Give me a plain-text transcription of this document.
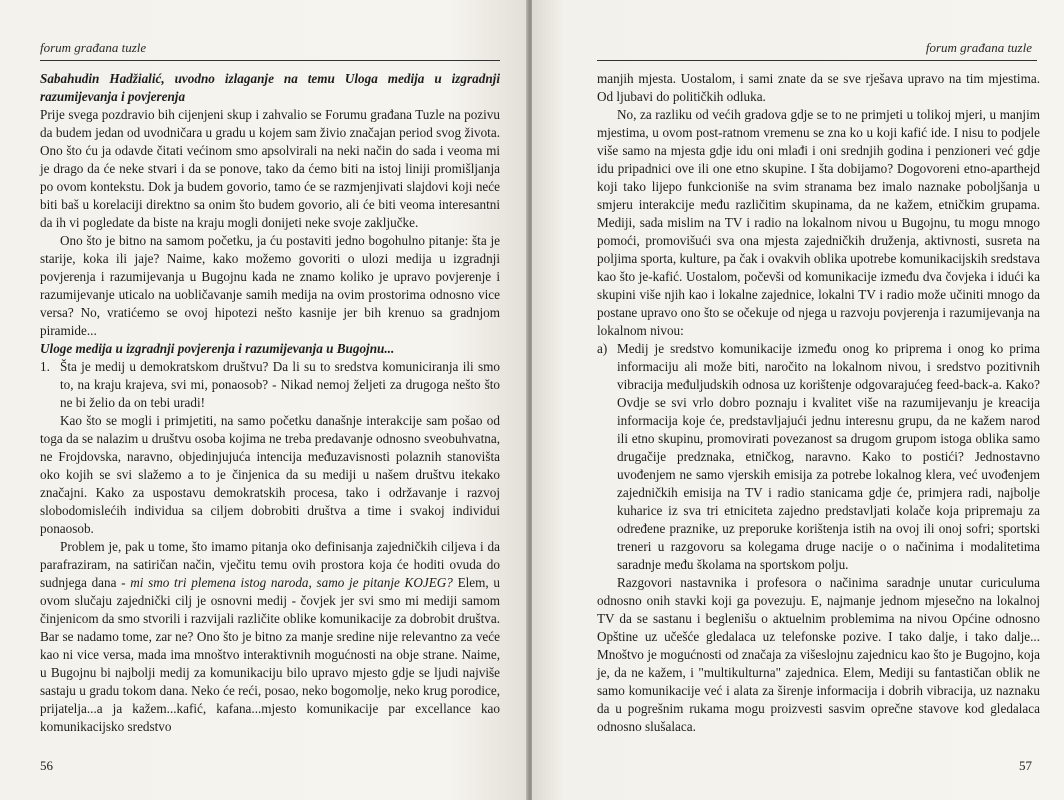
forum građana tuzle

Sabahudin Hadžialić, uvodno izlaganje na temu Uloga medija u izgradnji razumijevanja i povjerenja

Prije svega pozdravio bih cijenjeni skup i zahvalio se Forumu građana Tuzle na pozivu da budem jedan od uvodničara u gradu u kojem sam živio značajan period svog života. Ono što ću ja odavde čitati većinom smo apsolvirali na neki način do sada i veoma mi je drago da će neke stvari i da se ponove, tako da ćemo biti na istoj liniji promišljanja po ovom kontekstu. Dok ja budem govorio, tamo će se razmjenjivati slajdovi koji neće biti baš u korelaciji direktno sa onim što budem govorio, ali će biti veoma interesantni da ih vi pogledate da biste na kraju mogli donijeti neke svoje zaključke.

Ono što je bitno na samom početku, ja ću postaviti jedno bogohulno pitanje: šta je starije, koka ili jaje? Naime, kako možemo govoriti o ulozi medija u izgradnji povjerenja i razumijevanja u Bugojnu kada ne znamo koliko je upravo povjerenje i razumijevanje uticalo na uobličavanje samih medija na ovim prostorima odnosno vice versa? No, vratićemo se ovoj hipotezi nešto kasnije jer bih krenuo sa gradnjom piramide...

Uloge medija u izgradnji povjerenja i razumijevanja u Bugojnu...

1. Šta je medij u demokratskom društvu? Da li su to sredstva komuniciranja ili smo to, na kraju krajeva, svi mi, ponaosob? - Nikad nemoj željeti za drugoga nešto što ne bi želio da on tebi uradi!

Kao što se mogli i primjetiti, na samo početku današnje interakcije sam pošao od toga da se nalazim u društvu osoba kojima ne treba predavanje odnosno sveobuhvatna, ne Frojdovska, naravno, objedinjujuća intencija međuzavisnosti polaznih stanovišta oko kojih se svi slažemo a to je činjenica da su mediji u našem društvu itekako značajni. Kako za uspostavu demokratskih procesa, tako i održavanje i razvoj slobodomislećih individua sa ciljem dobrobiti društva a time i svakoj individui ponaosob.

Problem je, pak u tome, što imamo pitanja oko definisanja zajedničkih ciljeva i da parafraziram, na satiričan način, vječitu temu ovih prostora koja će hoditi ovuda do sudnjega dana - mi smo tri plemena istog naroda, samo je pitanje KOJEG? Elem, u ovom slučaju zajednički cilj je osnovni medij - čovjek jer svi smo mi mediji samom činjenicom da smo stvorili i razvijali različite oblike komunikacije za dobrobit društva. Bar se nadamo tome, zar ne? Ono što je bitno za manje sredine nije relevantno za veće kao ni vice versa, mada ima mnoštvo interaktivnih mogućnosti na obje strane. Naime, u Bugojnu bi najbolji medij za komunikaciju bilo upravo mjesto gdje se ljudi najviše sastaju u gradu tokom dana. Neko će reći, posao, neko bogomolje, neko krug porodice, prijatelja...a ja kažem...kafić, kafana...mjesto komunikacije par excellance kao komunikacijsko sredstvo

56
forum građana tuzle

manjih mjesta. Uostalom, i sami znate da se sve rješava upravo na tim mjestima. Od ljubavi do političkih odluka.

No, za razliku od većih gradova gdje se to ne primjeti u tolikoj mjeri, u manjim mjestima, u ovom post-ratnom vremenu se zna ko u koji kafić ide. I nisu to podjele više samo na mjesta gdje idu oni mlađi i oni srednjih godina i penzioneri već gdje idu pripadnici ove ili one etno skupine. I šta dobijamo? Dogovoreni etno-aparthejd koji tako lijepo funkcioniše na svim stranama bez imalo naznake poboljšanja u smjeru interakcije među različitim skupinama, da ne kažem, etničkim grupama. Mediji, sada mislim na TV i radio na lokalnom nivou u Bugojnu, tu mogu mnogo pomoći, promovišući sva ona mjesta zajedničkih druženja, aktivnosti, susreta na poljima sporta, kulture, pa čak i ovakvih oblika upotrebe komunikacijskih sredstava kao što je-kafić. Uostalom, počevši od komunikacije između dva čovjeka i idući ka skupini više njih kao i lokalne zajednice, lokalni TV i radio može učiniti mnogo da postane upravo ono što se očekuje od njega u razvoju povjerenja i razumijevanja na lokalnom nivou:

a) Medij je sredstvo komunikacije između onog ko priprema i onog ko prima informaciju ali može biti, naročito na lokalnom nivou, i sredstvo pozitivnih vibracija međuljudskih odnosa uz korištenje odgovarajućeg feed-back-a. Kako? Ovdje se svi vrlo dobro poznaju i kvalitet više na razumijevanju je kreacija informacija koje će, predstavljajući jednu interesnu grupu, da ne kažem narod ili etno skupinu, promovirati povezanost sa drugom grupom istoga oblika samo drugačije predznaka, etničkog, naravno. Kako to postići? Jednostavno uvođenjem ne samo vjerskih emisija za potrebe lokalnog klera, već uvođenjem zajedničkih emisija na TV i radio stanicama gdje će, primjera radi, najbolje kuharice iz sva tri etniciteta zajedno predstavljati kolače koja pripremaju za određene praznike, uz preporuke korištenja istih na ovoj ili onoj sofri; sportski treneri u razgovoru sa kolegama druge nacije o o načinima i modalitetima saradnje među školama na sportskom polju.

Razgovori nastavnika i profesora o načinima saradnje unutar curiculuma odnosno onih stavki koji ga povezuju. E, najmanje jednom mjesečno na lokalnoj TV da se sastanu i beglenišu o aktuelnim problemima na nivou Općine odnosno Opštine uz učešće gledalaca uz telefonske pozive. I tako dalje, i tako dalje... Mnoštvo je mogućnosti od značaja za višeslojnu zajednicu kao što je Bugojno, koja je, da ne kažem, i "multikulturna" zajednica. Elem, Mediji su fantastičan oblik ne samo komunikacije već i alata za širenje informacija i dobrih vibracija, uz naznaku da u pogrešnim rukama mogu proizvesti sasvim oprečne stavove kod gledalaca odnosno slušalaca.

57
